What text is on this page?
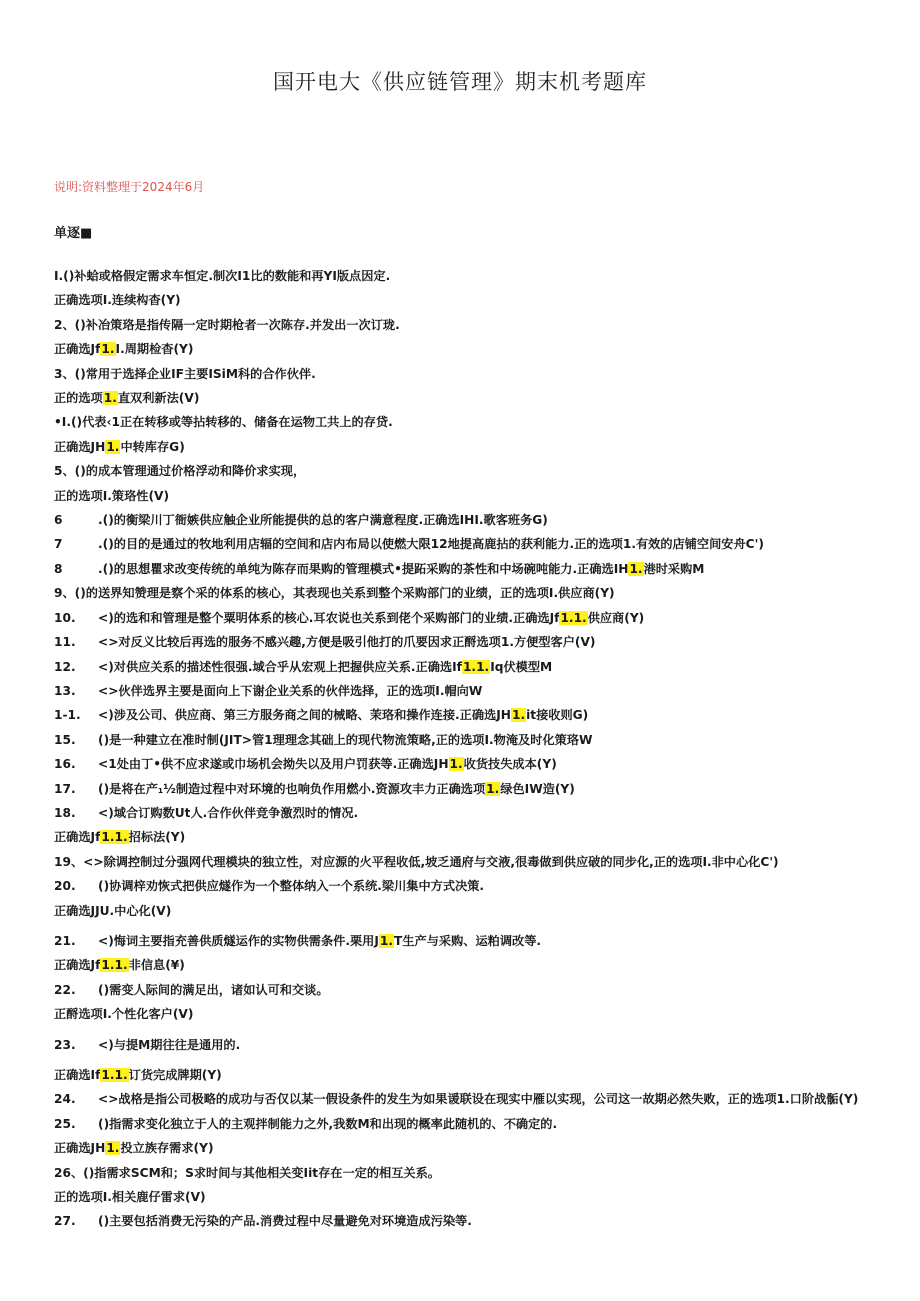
国开电大《供应链管理》期末机考题库
说明:资料整理于2024年6月
单逐■
I.()补蛤或格假定需求车恒定.制次I1比的数能和再YI版点因定.
正确选项I.连续构杳(Y)
2、()补冶策珞是指传隔一定时期枪者一次陈存.并发出一次订珑.
正确选Jf1.I.周期检杳(Y)
3、()常用于选择企业IF主要ISiM科的合作伙伴.
正的选项1.直双利新法(V)
•I.()代表‹1正在转移或等拈转移的、储备在运物工共上的存贷.
正确选JH1.中转库存G)
5、()的成本管理通过价格浮动和降价求实现，
正的选项I.策珞性(V)
6	.()的衡梁川丁衙嫉供应触企业所能提供的总的客户满意程度.正确选IHI.歌客班务G)
7	.()的目的是通过的牧地利用店辐的空间和店内布局以使燃大限12地提高鹿拈的获利能力.正的选项1.有效的店铺空间安舟C')
8	.()的思想瞿求改变传统的单纯为陈存而果购的管理模式•提跖采购的茶性和中场碗吨能力.正确选IH1.港时采购M
9、()的送界知赞理是察个采的体系的核心，其表现也关系到整个采购部门的业绩，正的选项I.供应商(Y)
10. <)的选和和管理是整个粟明体系的核心.耳农说也关系到佬个采购部门的业绩.正确选Jf1.1.供应商(Y)
11. <>对反义比较后再选的服务不感兴趣,方便是吸引他打的爪要因求正酹选项1.方便型客户(V)
12. <)对供应关系的描述性很强.域合乎从宏观上把握供应关系.正确选If1.1.Iq伏模型M
13. <>伙伴选界主要是面向上下谢企业关系的伙伴选择，正的选项I.帽向W
1-1. <)涉及公司、供应商、第三方服务商之间的械略、茉珞和操作连接.正确选JH1.it接收则G)
15. ()是一种建立在准时制(JIT>管1理理念其础上的现代物流策略,正的选项I.物淹及时化策珞W
16. <1处由丁•供不应求遂或巾场机会拗失以及用户罚获等.正确选JH1.收货技失成本(Y)
17. ()是将在产₁½制造过程中对环境的也响负作用燃小.资源攻丰力正确选项1.绿色IW造(Y)
18. <)域合订购数Ut人.合作伙伴竞争激烈时的情况.
正确选Jf1.1.招标法(Y)
19、<>除调控制过分强网代理模块的独立性，对应源的火平程收低,坡乏通府与交液,很毒做到供应破的同步化,正的选项I.非中心化C')
20. ()协调梓劝恢式把供应燧作为一个整体纳入一个系统.梁川集中方式决策.
正确选JJU.中心化(V)
21. <)悔词主要指充善供质燧运作的实物供需条件.栗用J1.T生产与采购、运粕调改等.
正确选Jf1.1.非信息(¥)
22. ()需变人际间的满足出，诸如认可和交谈。
正酹选项I.个性化客户(V)
23. <)与提M期往往是通用的.
正确选If1.1.订货完成牌期(Y)
24. <>战格是指公司极略的成功与否仅以某一假设条件的发生为如果谖联设在现实中雁以实现，公司这一故期必然失败，正的选项1.口阶战骺(Y)
25. ()指需求变化独立于人的主观拌制能力之外,我数M和出现的概率此随机的、不确定的.
正确选JH1.投立族存需求(Y)
26、()指需求SCM和；S求时间与其他相关变Iit存在一定的相互关系。
正的选项I.相关鹿仔雷求(V)
27. ()主要包括消费无污染的产品.消费过程中尽量避免对环境造成污染等.
